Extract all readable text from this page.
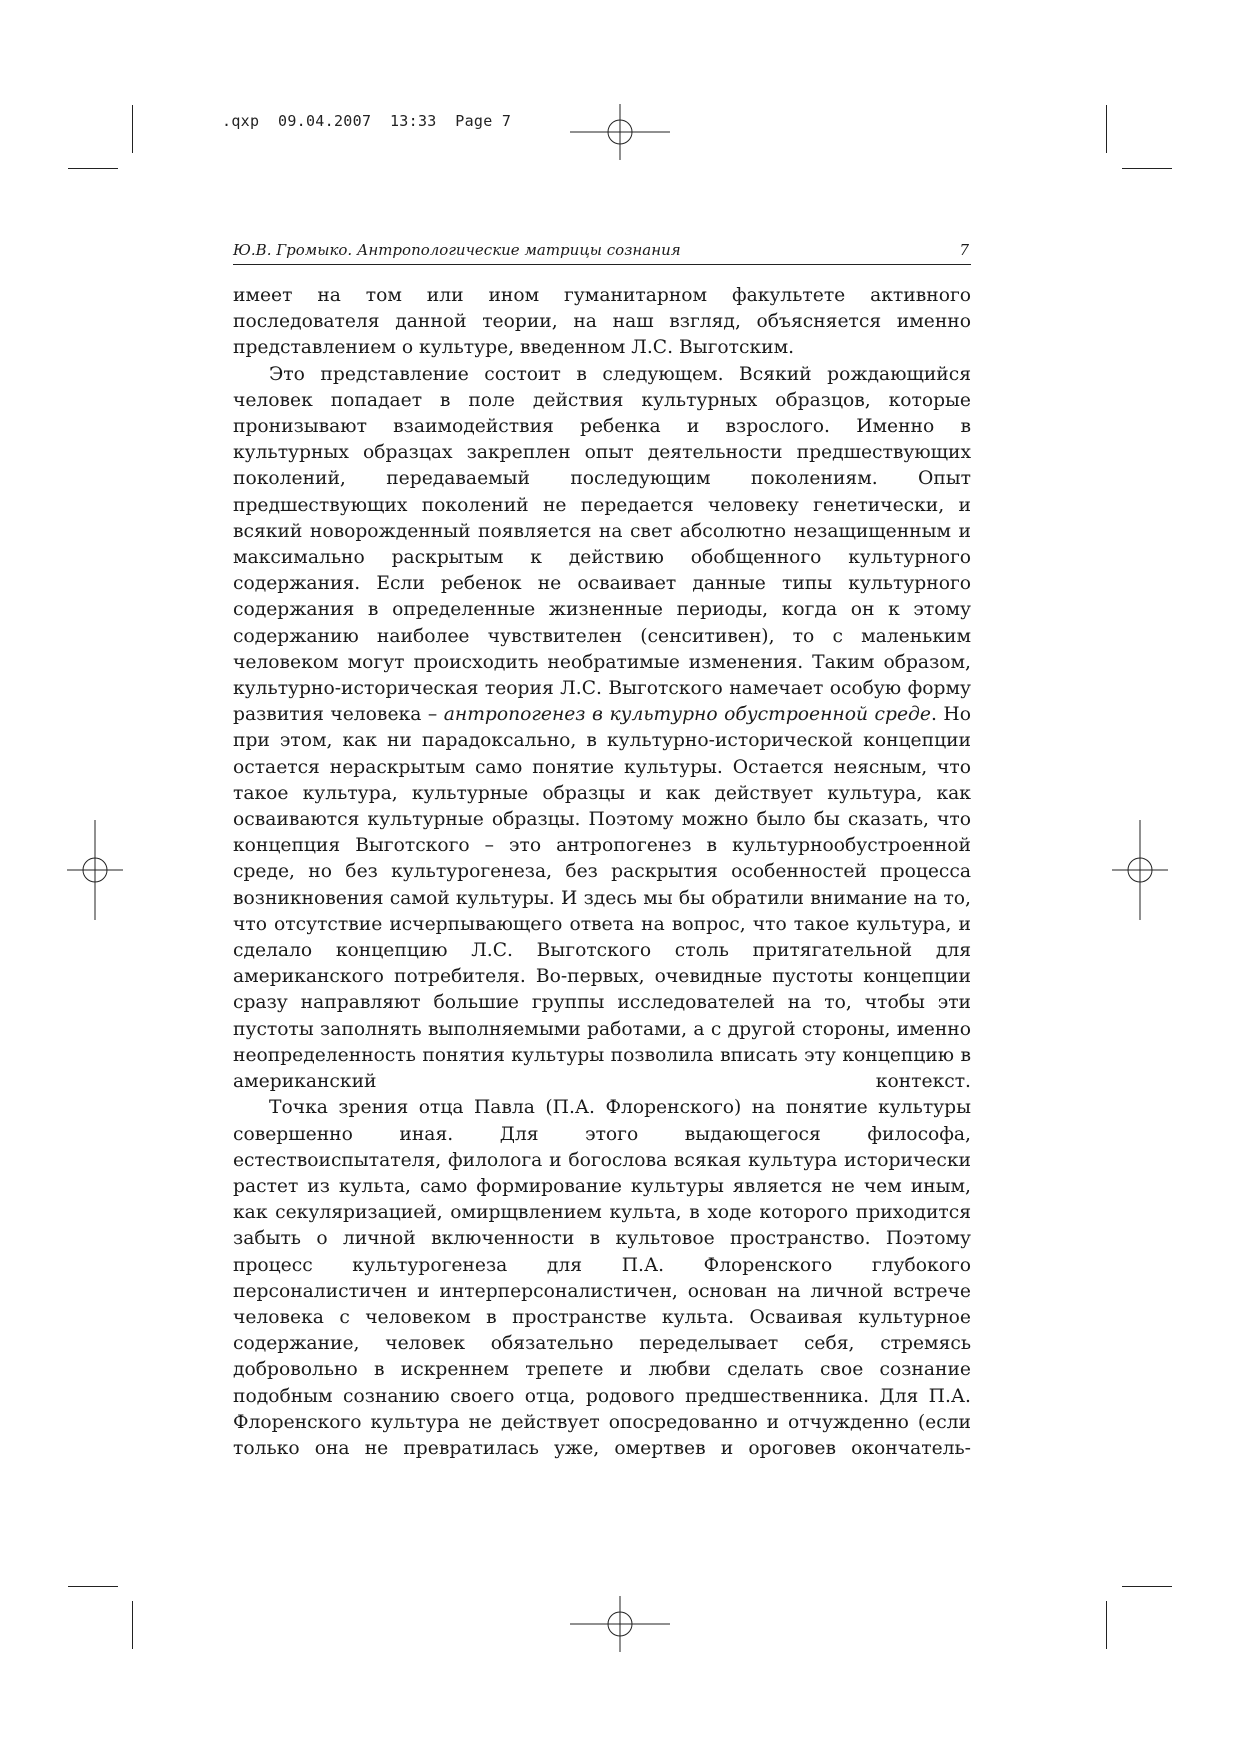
.qxp  09.04.2007  13:33  Page 7
Ю.В. Громыко. Антропологические матрицы сознания	7

имеет на том или ином гуманитарном факультете активного последователя данной теории, на наш взгляд, объясняется именно представлением о культуре, введенном Л.С. Выготским.

Это представление состоит в следующем. Всякий рождающийся человек попадает в поле действия культурных образцов, которые пронизывают взаимодействия ребенка и взрослого. Именно в культурных образцах закреплен опыт деятельности предшествующих поколений, передаваемый последующим поколениям. Опыт предшествующих поколений не передается человеку генетически, и всякий новорожденный появляется на свет абсолютно незащищенным и максимально раскрытым к действию обобщенного культурного содержания. Если ребенок не осваивает данные типы культурного содержания в определенные жизненные периоды, когда он к этому содержанию наиболее чувствителен (сенситивен), то с маленьким человеком могут происходить необратимые изменения. Таким образом, культурно-историческая теория Л.С. Выготского намечает особую форму развития человека – антропогенез в культурно обустроенной среде. Но при этом, как ни парадоксально, в культурно-исторической концепции остается нераскрытым само понятие культуры. Остается неясным, что такое культура, культурные образцы и как действует культура, как осваиваются культурные образцы. Поэтому можно было бы сказать, что концепция Выготского – это антропогенез в культурнообустроенной среде, но без культурогенеза, без раскрытия особенностей процесса возникновения самой культуры. И здесь мы бы обратили внимание на то, что отсутствие исчерпывающего ответа на вопрос, что такое культура, и сделало концепцию Л.С. Выготского столь притягательной для американского потребителя. Во-первых, очевидные пустоты концепции сразу направляют большие группы исследователей на то, чтобы эти пустоты заполнять выполняемыми работами, а с другой стороны, именно неопределенность понятия культуры позволила вписать эту концепцию в американский контекст.

Точка зрения отца Павла (П.А. Флоренского) на понятие культуры совершенно иная. Для этого выдающегося философа, естествоиспытателя, филолога и богослова всякая культура исторически растет из культа, само формирование культуры является не чем иным, как секуляризацией, омирщвлением культа, в ходе которого приходится забыть о личной включенности в культовое пространство. Поэтому процесс культурогенеза для П.А. Флоренского глубокого персоналистичен и интерперсоналистичен, основан на личной встрече человека с человеком в пространстве культа. Осваивая культурное содержание, человек обязательно переделывает себя, стремясь добровольно в искреннем трепете и любви сделать свое сознание подобным сознанию своего отца, родового предшественника. Для П.А. Флоренского культура не действует опосредованно и отчужденно (если только она не превратилась уже, омертвев и ороговев окончатель-
